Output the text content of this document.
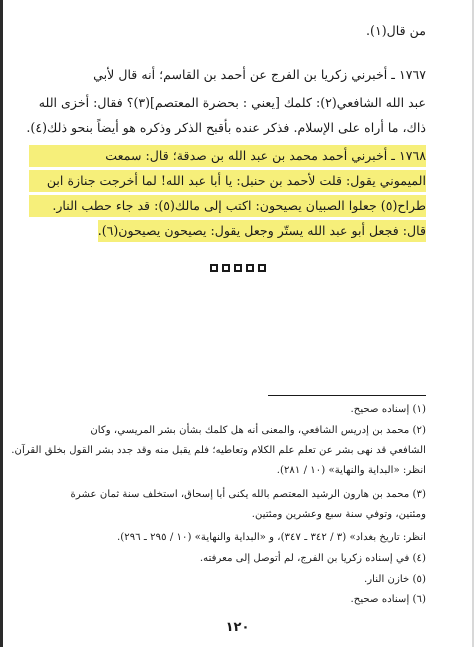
من قال(١).
١٧٦٧ ـ أخبرني زكريا بن الفرج عن أحمد بن القاسم؛ أنه قال لأبي
عبد الله الشافعي(٢): كلمك [يعني : بحضرة المعتصم](٣)؟ فقال: أخزى الله
ذاك، ما أراه على الإسلام. فذكر عنده بأقبح الذكر وذكره هو أيضاً بنحو ذلك(٤).
١٧٦٨ ـ أخبرني أحمد محمد بن عبد الله بن صدقة؛ قال: سمعت
الميموني يقول: قلت لأحمد بن حنبل: يا أبا عبد الله! لما أخرجت جنازة ابن
طراح(٥) جعلوا الصبيان يصيحون: اكتب إلى مالك(٥): قد جاء حطب النار.
قال: فجعل أبو عبد الله يستّر وجعل يقول: يصيحون يصيحون(٦).
(١) إسناده صحيح.
(٢) محمد بن إدريس الشافعي، والمعنى أنه هل كلمك بشأن بشر المريسي، وكان
الشافعي قد نهى بشر عن تعلم علم الكلام وتعاطيه؛ فلم يقبل منه وقد جدد بشر القول بخلق القرآن.
انظر: «البداية والنهاية» (١٠ / ٢٨١).
(٣) محمد بن هارون الرشيد المعتصم بالله يكنى أبا إسحاق، استخلف سنة ثمان عشرة
ومئتين، وتوفي سنة سبع وعشرين ومئتين.
انظر: تاريخ بغداد» (٣ / ٣٤٢ ـ ٣٤٧)، و «البداية والنهاية» (١٠ / ٢٩٥ ـ ٢٩٦).
(٤) في إسناده زكريا بن الفرج، لم أتوصل إلى معرفته.
(٥) خازن النار.
(٦) إسناده صحيح.
١٢٠
